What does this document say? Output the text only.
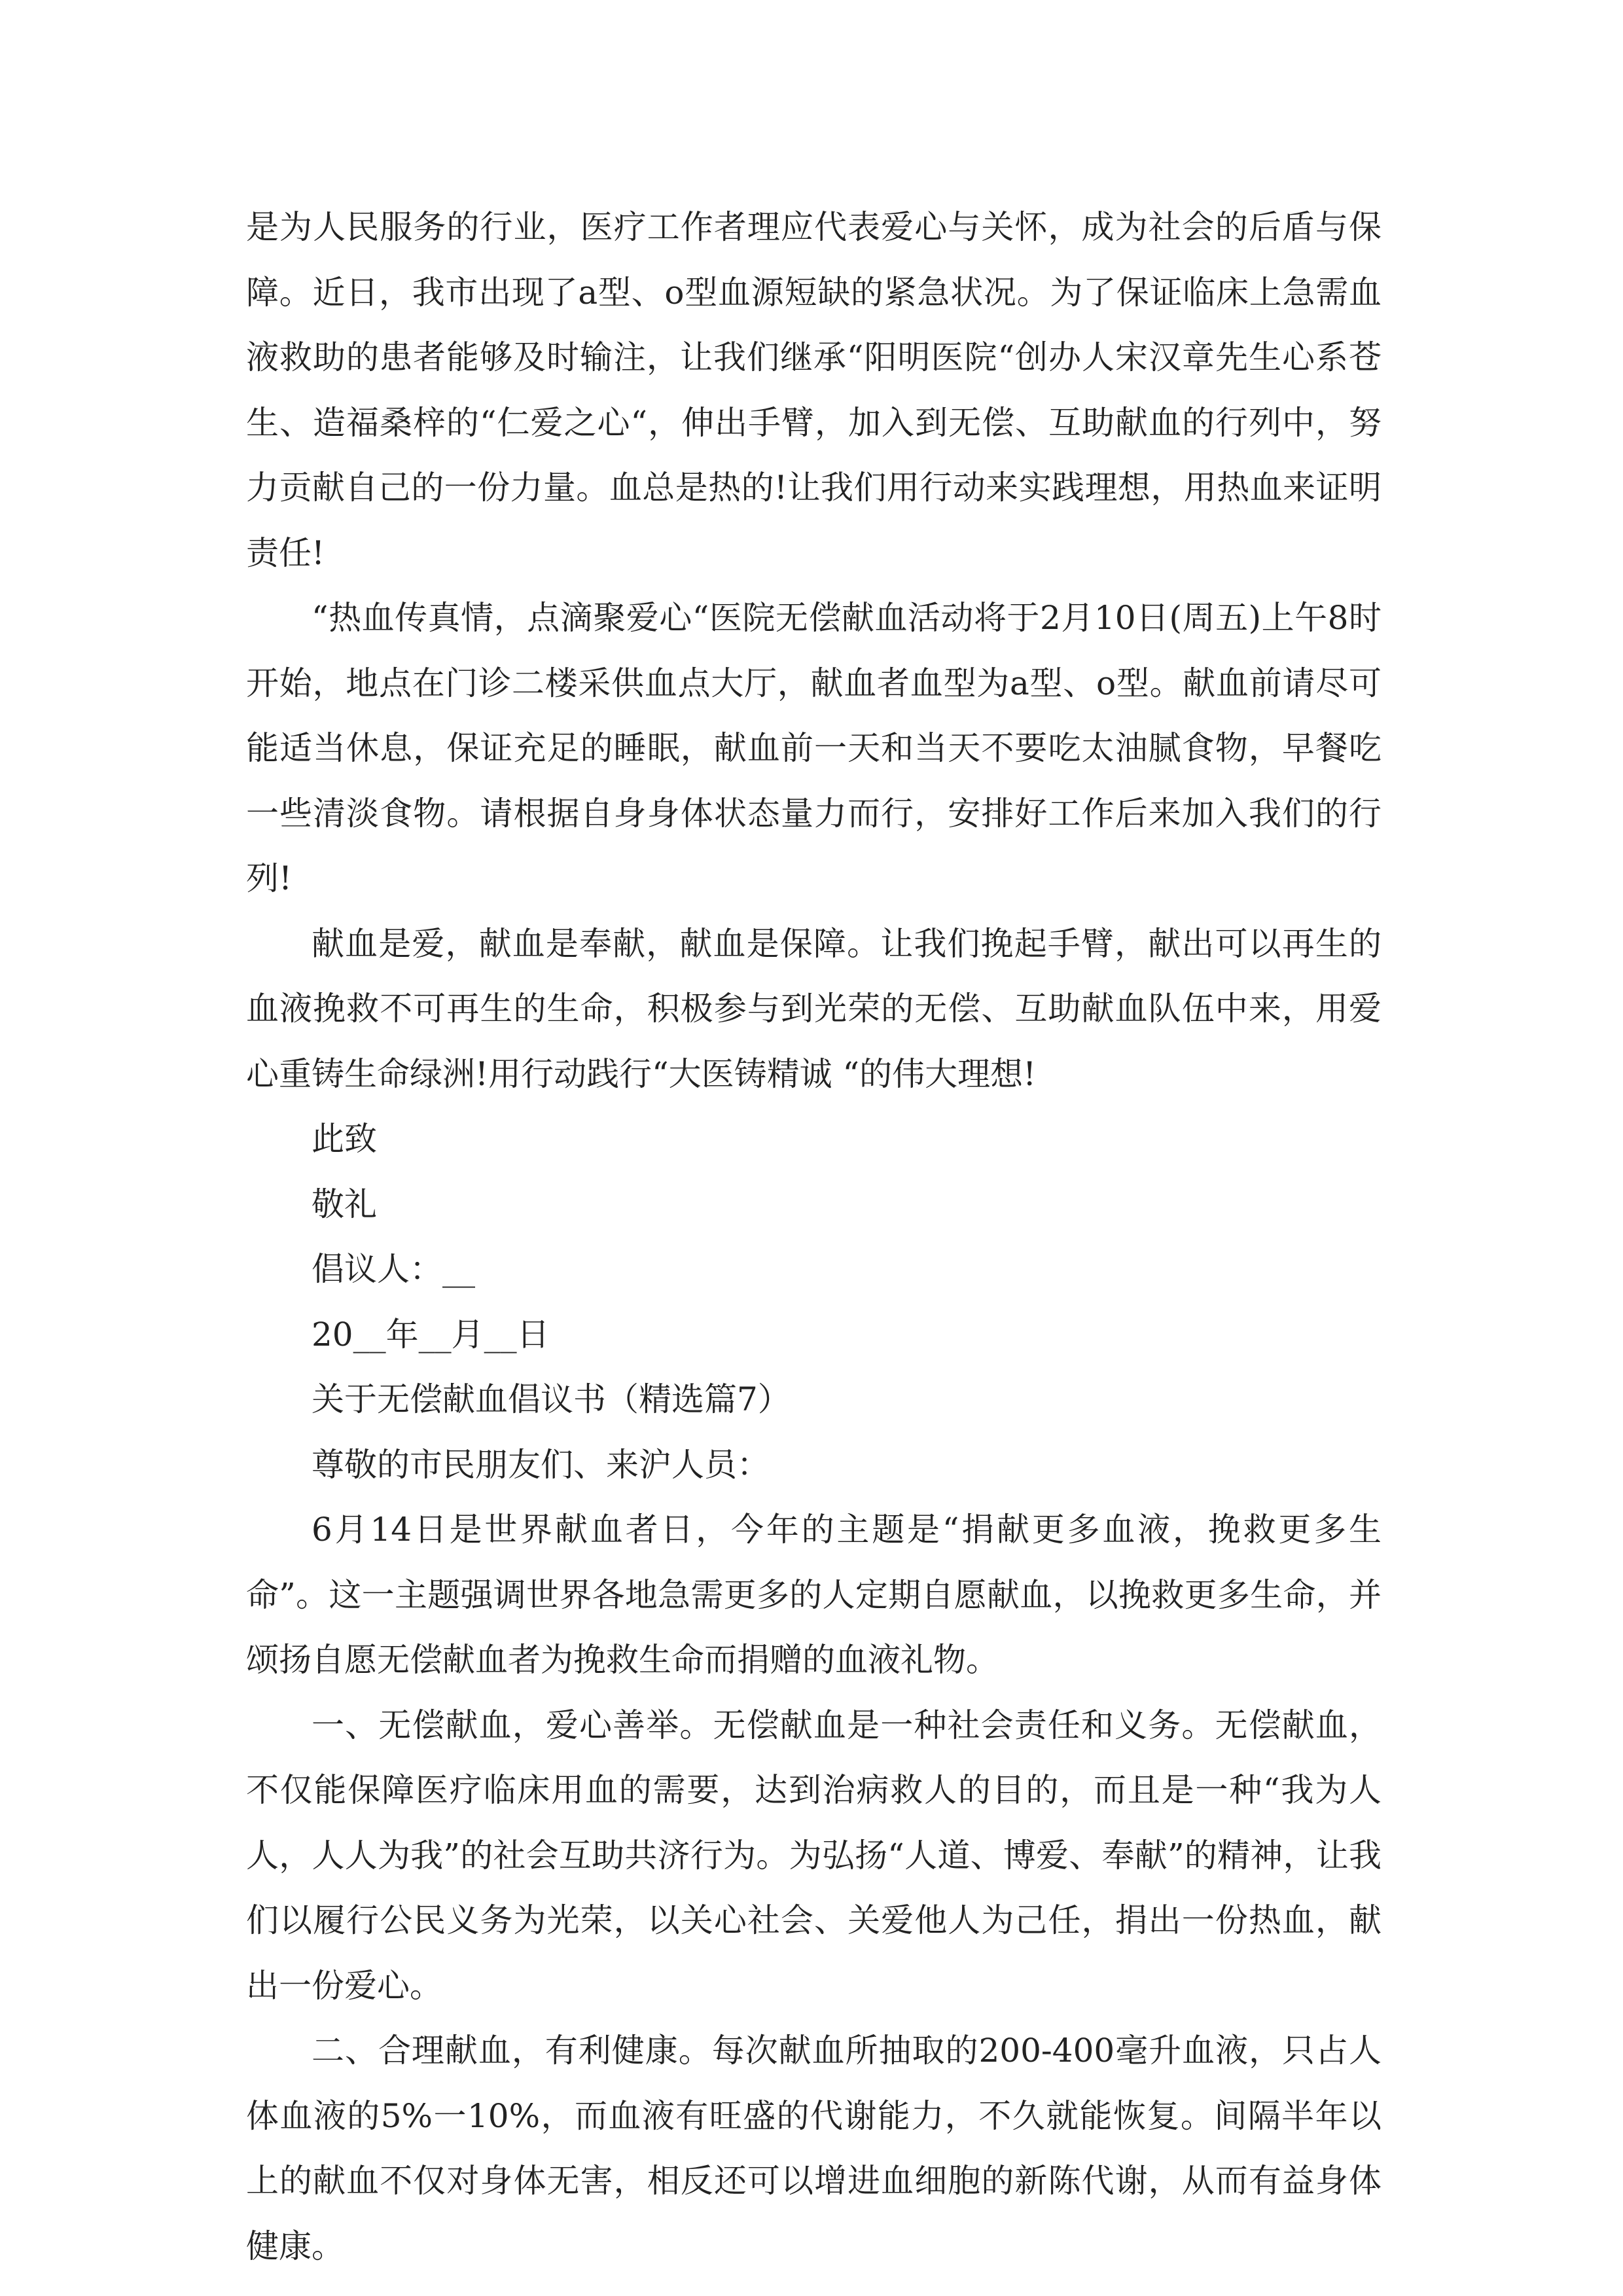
是为人民服务的行业，医疗工作者理应代表爱心与关怀，成为社会的后盾与保障。近日，我市出现了a型、o型血源短缺的紧急状况。为了保证临床上急需血液救助的患者能够及时输注，让我们继承“阳明医院“创办人宋汉章先生心系苍生、造福桑梓的“仁爱之心“，伸出手臂，加入到无偿、互助献血的行列中，努力贡献自己的一份力量。血总是热的!让我们用行动来实践理想，用热血来证明责任!

“热血传真情，点滴聚爱心“医院无偿献血活动将于2月10日(周五)上午8时开始，地点在门诊二楼采供血点大厅，献血者血型为a型、o型。献血前请尽可能适当休息，保证充足的睡眠，献血前一天和当天不要吃太油腻食物，早餐吃一些清淡食物。请根据自身身体状态量力而行，安排好工作后来加入我们的行列!

献血是爱，献血是奉献，献血是保障。让我们挽起手臂，献出可以再生的血液挽救不可再生的生命，积极参与到光荣的无偿、互助献血队伍中来，用爱心重铸生命绿洲!用行动践行“大医铸精诚 “的伟大理想!

此致

敬礼

倡议人：__

20__年__月__日

关于无偿献血倡议书（精选篇7）

尊敬的市民朋友们、来沪人员：

6月14日是世界献血者日，今年的主题是“捐献更多血液，挽救更多生命”。这一主题强调世界各地急需更多的人定期自愿献血，以挽救更多生命，并颂扬自愿无偿献血者为挽救生命而捐赠的血液礼物。

一、无偿献血，爱心善举。无偿献血是一种社会责任和义务。无偿献血，不仅能保障医疗临床用血的需要，达到治病救人的目的，而且是一种“我为人人，人人为我”的社会互助共济行为。为弘扬“人道、博爱、奉献”的精神，让我们以履行公民义务为光荣，以关心社会、关爱他人为己任，捐出一份热血，献出一份爱心。

二、合理献血，有利健康。每次献血所抽取的200-400毫升血液，只占人体血液的5%一10%，而血液有旺盛的代谢能力，不久就能恢复。间隔半年以上的献血不仅对身体无害，相反还可以增进血细胞的新陈代谢，从而有益身体健康。
